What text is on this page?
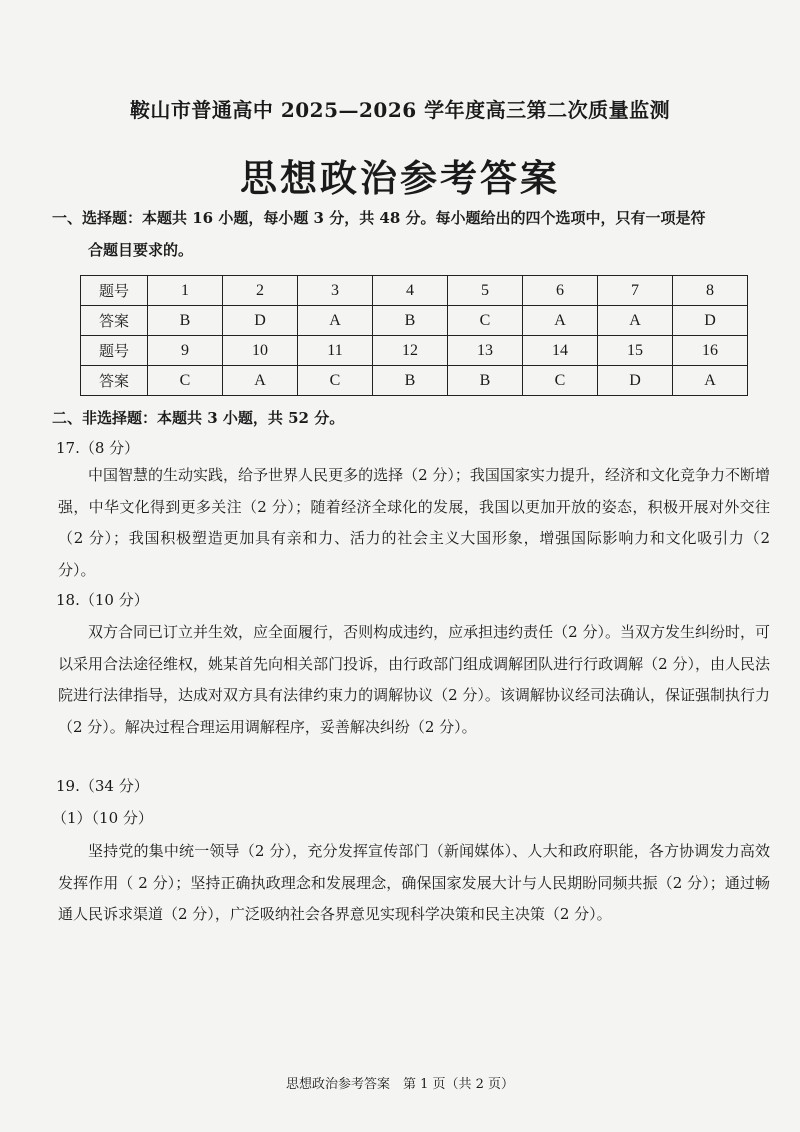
鞍山市普通高中 2025—2026 学年度高三第二次质量监测
思想政治参考答案
一、选择题：本题共 16 小题，每小题 3 分，共 48 分。每小题给出的四个选项中，只有一项是符
合题目要求的。
题号	1	2	3	4	5	6	7	8
答案	B	D	A	B	C	A	A	D
题号	9	10	11	12	13	14	15	16
答案	C	A	C	B	B	C	D	A
二、非选择题：本题共 3 小题，共 52 分。
17.（8 分）
中国智慧的生动实践，给予世界人民更多的选择（2 分）；我国国家实力提升，经济和文化竞争力不断增强，中华文化得到更多关注（2 分）；随着经济全球化的发展，我国以更加开放的姿态，积极开展对外交往（2 分）；我国积极塑造更加具有亲和力、活力的社会主义大国形象，增强国际影响力和文化吸引力（2 分）。
18.（10 分）
双方合同已订立并生效，应全面履行，否则构成违约，应承担违约责任（2 分）。当双方发生纠纷时，可以采用合法途径维权，姚某首先向相关部门投诉，由行政部门组成调解团队进行行政调解（2 分），由人民法院进行法律指导，达成对双方具有法律约束力的调解协议（2 分）。该调解协议经司法确认，保证强制执行力（2 分）。解决过程合理运用调解程序，妥善解决纠纷（2 分）。
19.（34 分）
（1）（10 分）
坚持党的集中统一领导（2 分），充分发挥宣传部门（新闻媒体）、人大和政府职能，各方协调发力高效发挥作用（ 2 分）；坚持正确执政理念和发展理念，确保国家发展大计与人民期盼同频共振（2 分）；通过畅通人民诉求渠道（2 分），广泛吸纳社会各界意见实现科学决策和民主决策（2 分）。
思想政治参考答案　第 1 页（共 2 页）
